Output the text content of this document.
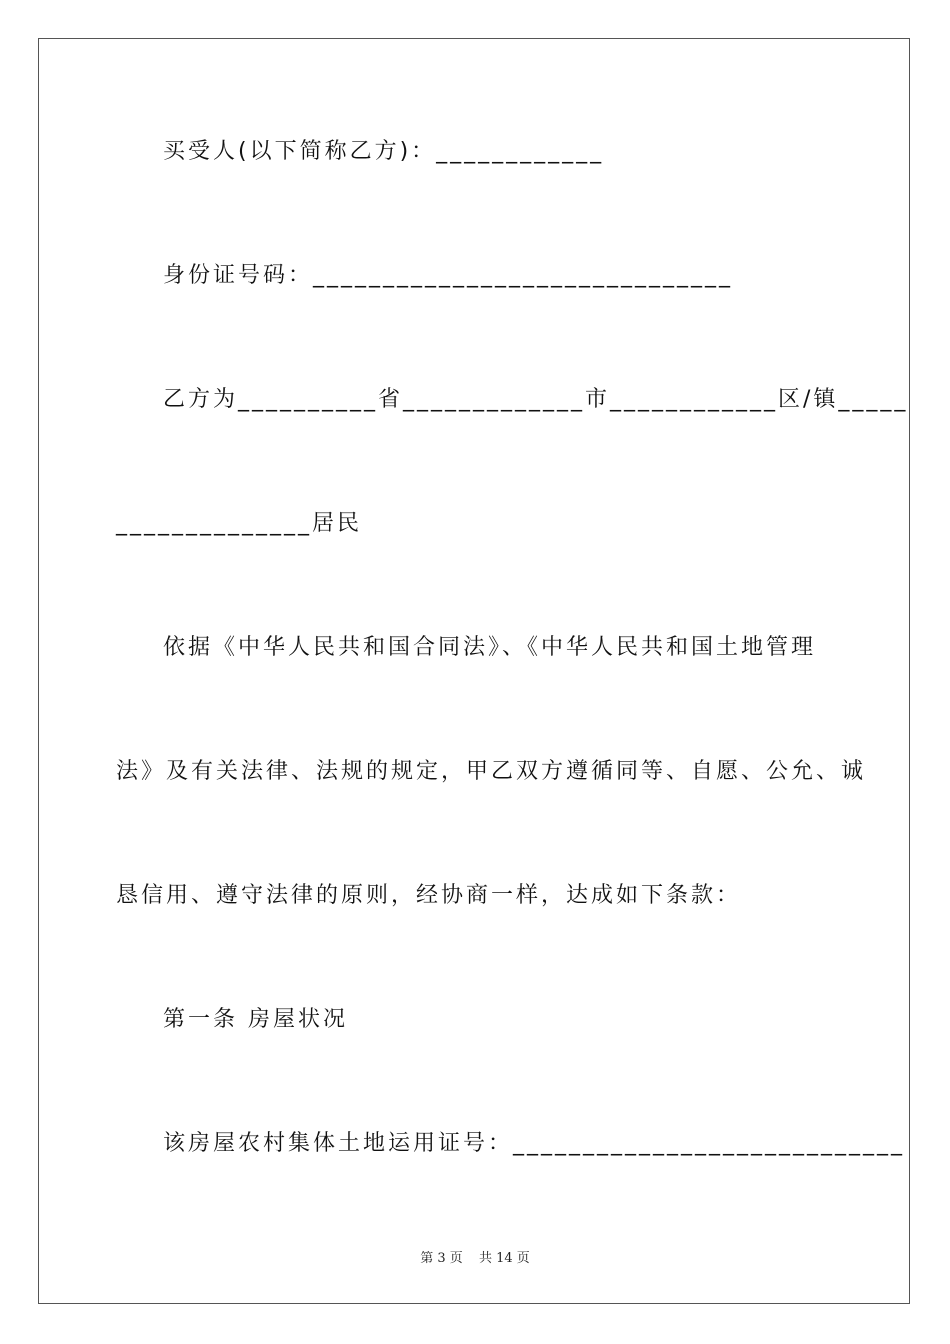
买受人(以下简称乙方)：____________
身份证号码：______________________________
乙方为__________省_____________市____________区/镇_____
______________居民
依据《中华人民共和国合同法》、《中华人民共和国土地管理
法》及有关法律、法规的规定，甲乙双方遵循同等、自愿、公允、诚
恳信用、遵守法律的原则，经协商一样，达成如下条款：
第一条 房屋状况
该房屋农村集体土地运用证号：____________________________
第 3 页 共 14 页
